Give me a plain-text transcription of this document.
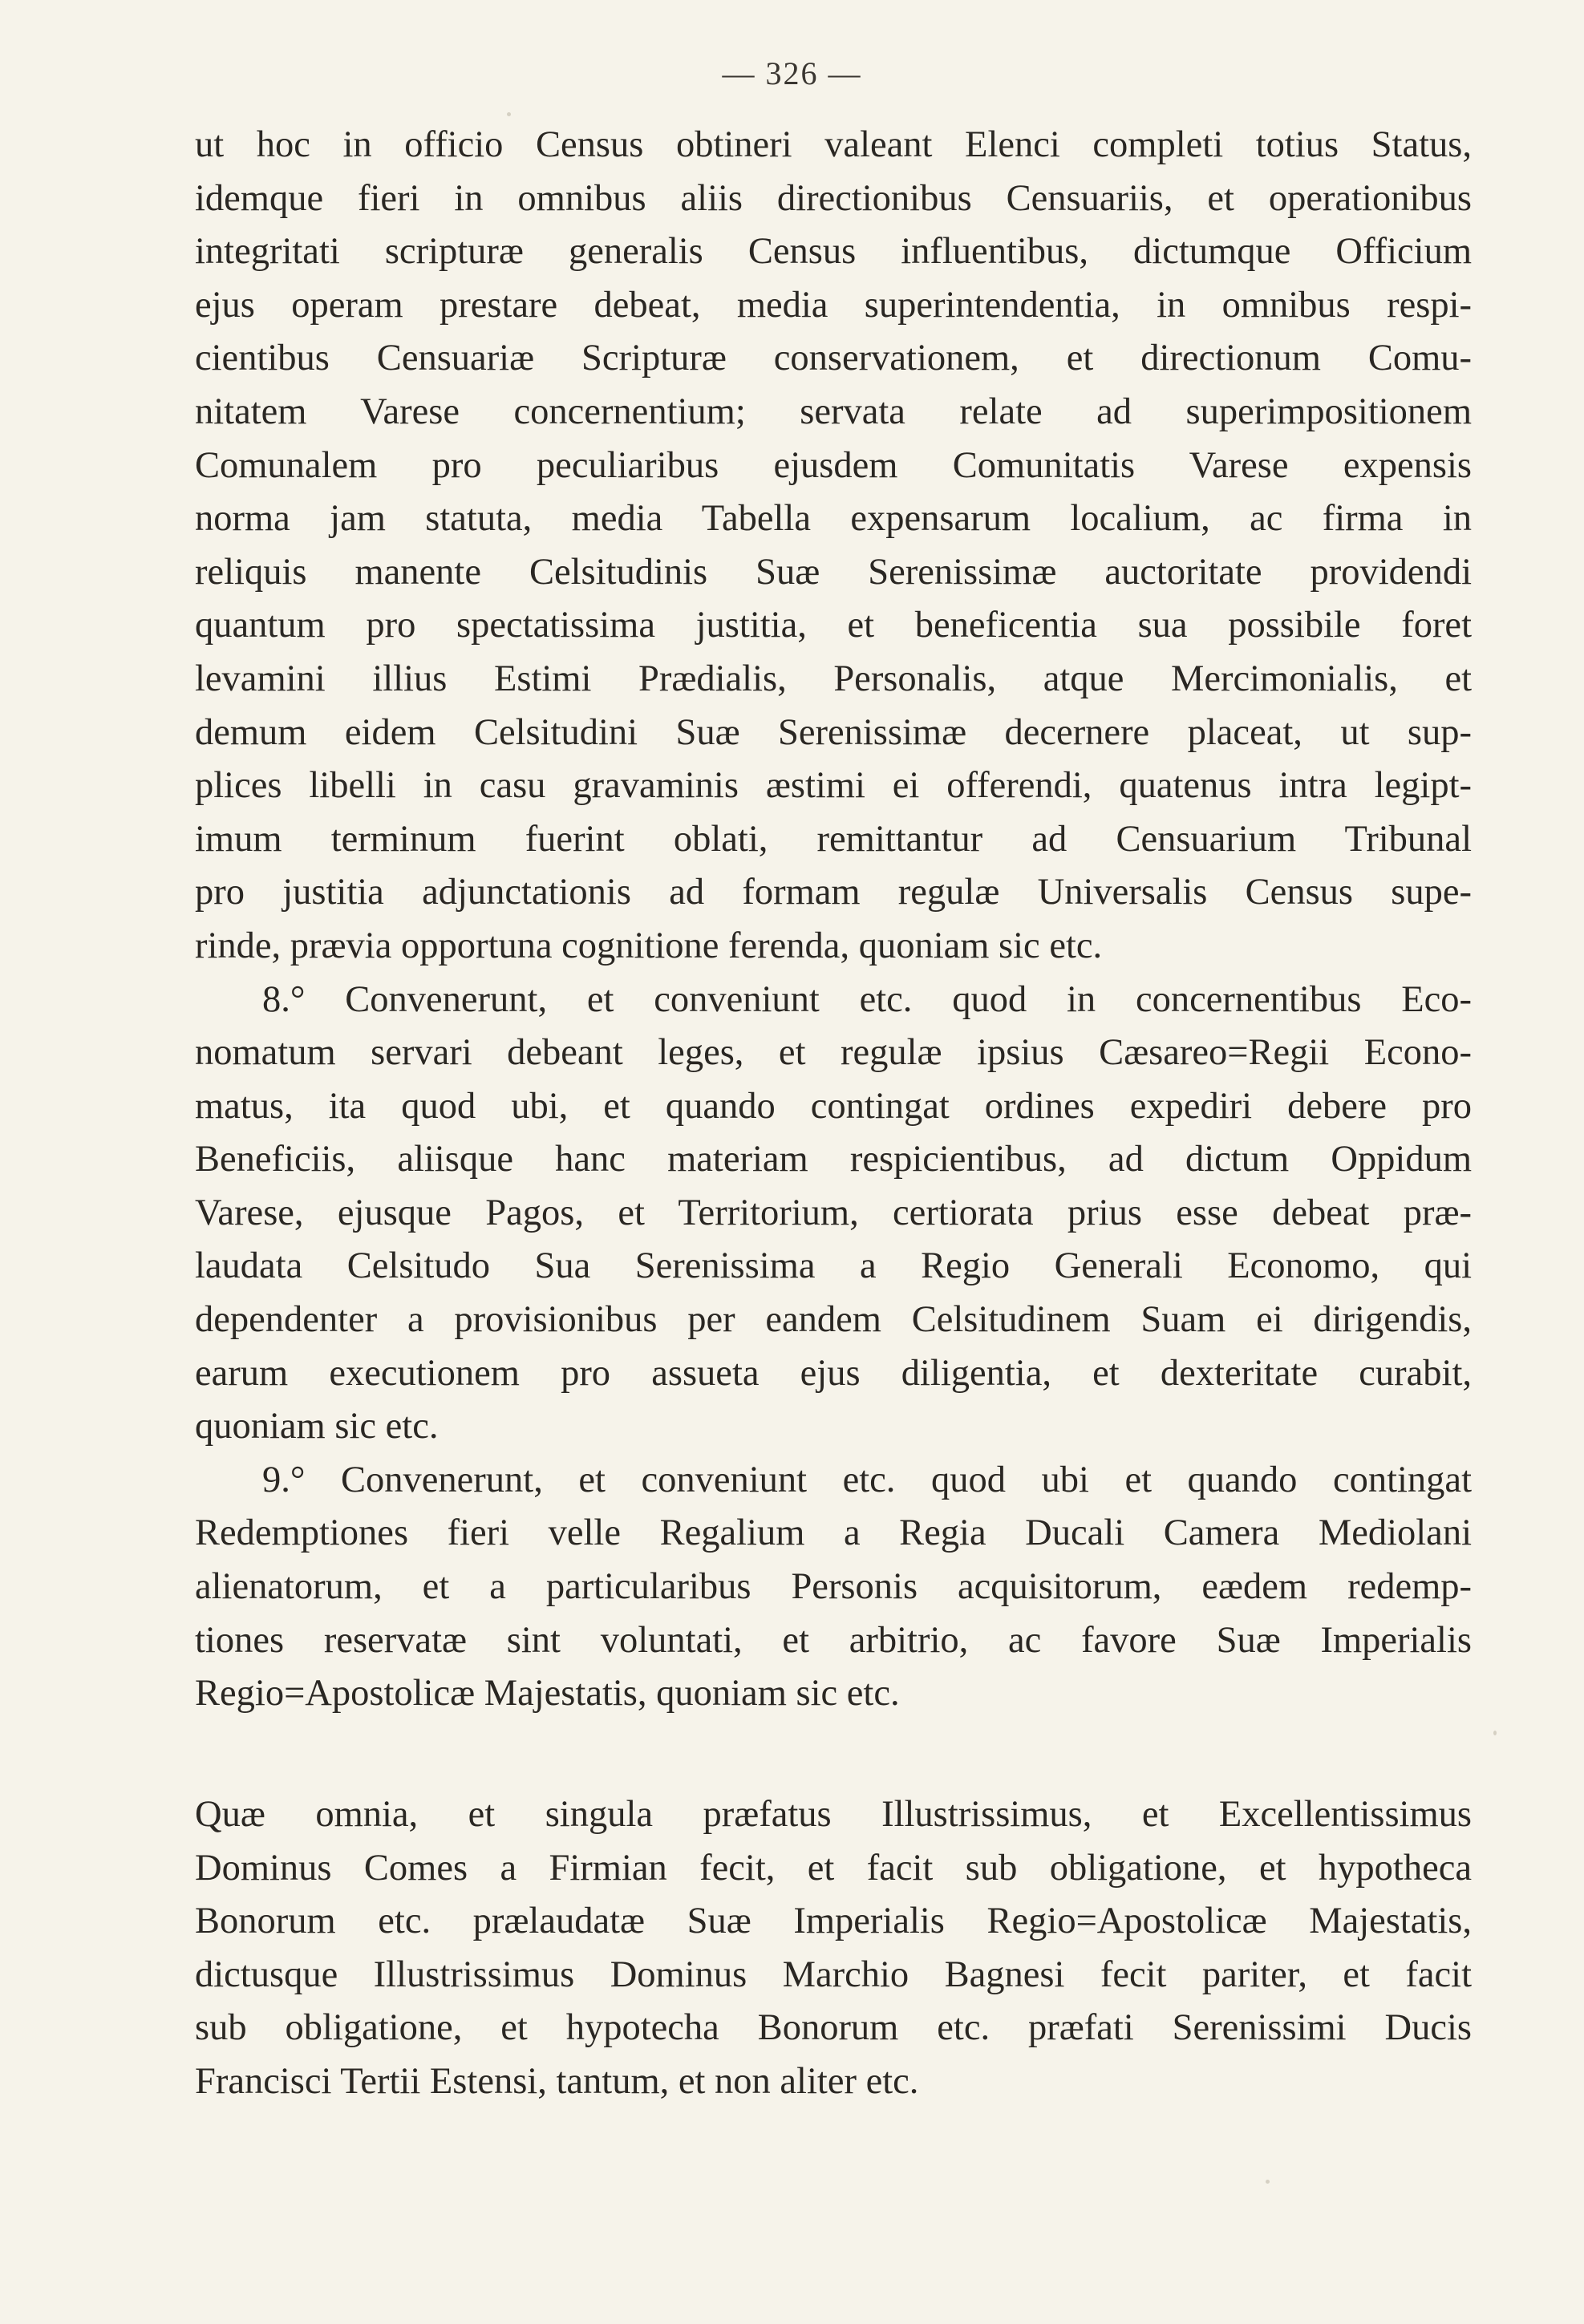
— 326 —
ut hoc in officio Census obtineri valeant Elenci completi totius Status,
idemque fieri in omnibus aliis directionibus Censuariis, et operationibus
integritati scripturæ generalis Census influentibus, dictumque Officium
ejus operam prestare debeat, media superintendentia, in omnibus respi-
cientibus Censuariæ Scripturæ conservationem, et directionum Comu-
nitatem Varese concernentium; servata relate ad superimpositionem
Comunalem pro peculiaribus ejusdem Comunitatis Varese expensis
norma jam statuta, media Tabella expensarum localium, ac firma in
reliquis manente Celsitudinis Suæ Serenissimæ auctoritate providendi
quantum pro spectatissima justitia, et beneficentia sua possibile foret
levamini illius Estimi Prædialis, Personalis, atque Mercimonialis, et
demum eidem Celsitudini Suæ Serenissimæ decernere placeat, ut sup-
plices libelli in casu gravaminis æstimi ei offerendi, quatenus intra legipt-
imum terminum fuerint oblati, remittantur ad Censuarium Tribunal
pro justitia adjunctationis ad formam regulæ Universalis Census supe-
rinde, prævia opportuna cognitione ferenda, quoniam sic etc.
8.° Convenerunt, et conveniunt etc. quod in concernentibus Eco-
nomatum servari debeant leges, et regulæ ipsius Cæsareo=Regii Econo-
matus, ita quod ubi, et quando contingat ordines expediri debere pro
Beneficiis, aliisque hanc materiam respicientibus, ad dictum Oppidum
Varese, ejusque Pagos, et Territorium, certiorata prius esse debeat præ-
laudata Celsitudo Sua Serenissima a Regio Generali Economo, qui
dependenter a provisionibus per eandem Celsitudinem Suam ei dirigendis,
earum executionem pro assueta ejus diligentia, et dexteritate curabit,
quoniam sic etc.
9.° Convenerunt, et conveniunt etc. quod ubi et quando contingat
Redemptiones fieri velle Regalium a Regia Ducali Camera Mediolani
alienatorum, et a particularibus Personis acquisitorum, eædem redemp-
tiones reservatæ sint voluntati, et arbitrio, ac favore Suæ Imperialis
Regio=Apostolicæ Majestatis, quoniam sic etc.
Quæ omnia, et singula præfatus Illustrissimus, et Excellentissimus
Dominus Comes a Firmian fecit, et facit sub obligatione, et hypotheca
Bonorum etc. prælaudatæ Suæ Imperialis Regio=Apostolicæ Majestatis,
dictusque Illustrissimus Dominus Marchio Bagnesi fecit pariter, et facit
sub obligatione, et hypotecha Bonorum etc. præfati Serenissimi Ducis
Francisci Tertii Estensi, tantum, et non aliter etc.
